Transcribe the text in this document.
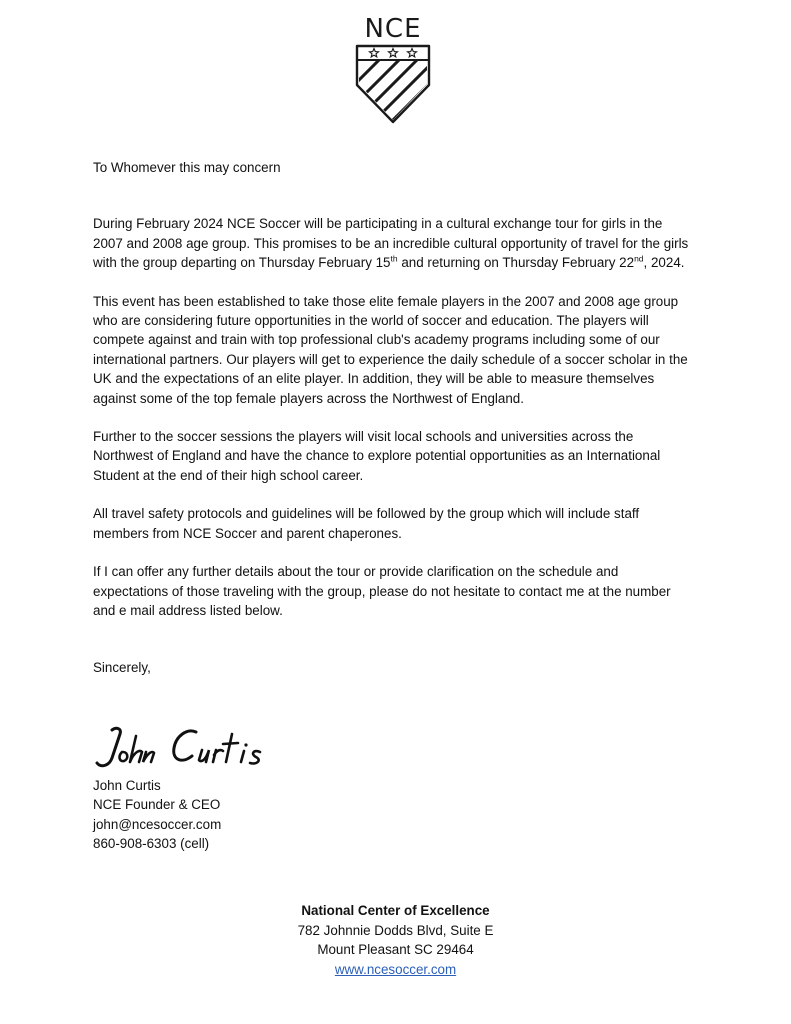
NCE
To Whomever this may concern

During February 2024 NCE Soccer will be participating in a cultural exchange tour for girls in the 2007 and 2008 age group. This promises to be an incredible cultural opportunity of travel for the girls with the group departing on Thursday February 15th and returning on Thursday February 22nd, 2024.

This event has been established to take those elite female players in the 2007 and 2008 age group who are considering future opportunities in the world of soccer and education. The players will compete against and train with top professional club's academy programs including some of our international partners. Our players will get to experience the daily schedule of a soccer scholar in the UK and the expectations of an elite player. In addition, they will be able to measure themselves against some of the top female players across the Northwest of England.

Further to the soccer sessions the players will visit local schools and universities across the Northwest of England and have the chance to explore potential opportunities as an International Student at the end of their high school career.

All travel safety protocols and guidelines will be followed by the group which will include staff members from NCE Soccer and parent chaperones.

If I can offer any further details about the tour or provide clarification on the schedule and expectations of those traveling with the group, please do not hesitate to contact me at the number and e mail address listed below.

Sincerely,
John Curtis
NCE Founder & CEO
john@ncesoccer.com
860-908-6303 (cell)
National Center of Excellence
782 Johnnie Dodds Blvd, Suite E
Mount Pleasant SC 29464
www.ncesoccer.com
